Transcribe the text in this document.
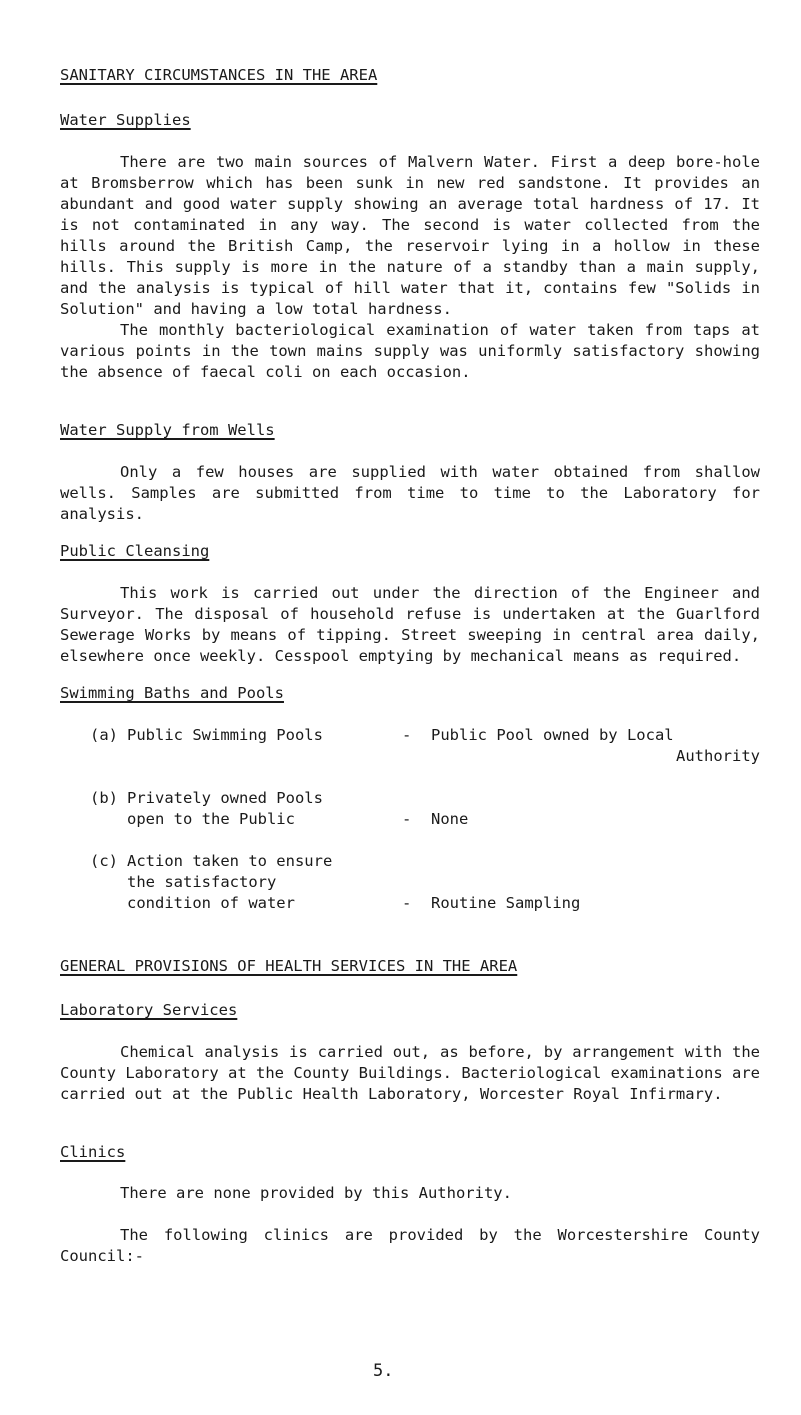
SANITARY CIRCUMSTANCES IN THE AREA
Water Supplies
There are two main sources of Malvern Water. First a deep bore-hole at Bromsberrow which has been sunk in new red sandstone. It provides an abundant and good water supply showing an average total hardness of 17. It is not contaminated in any way. The second is water collected from the hills around the British Camp, the reservoir lying in a hollow in these hills. This supply is more in the nature of a standby than a main supply, and the analysis is typical of hill water that it, contains few "Solids in Solution" and having a low total hardness.
The monthly bacteriological examination of water taken from taps at various points in the town mains supply was uniformly satisfactory showing the absence of faecal coli on each occasion.
Water Supply from Wells
Only a few houses are supplied with water obtained from shallow wells. Samples are submitted from time to time to the Laboratory for analysis.
Public Cleansing
This work is carried out under the direction of the Engineer and Surveyor. The disposal of household refuse is undertaken at the Guarlford Sewerage Works by means of tipping. Street sweeping in central area daily, elsewhere once weekly. Cesspool emptying by mechanical means as required.
Swimming Baths and Pools
(a) Public Swimming Pools	- Public Pool owned by Local
Authority
(b) Privately owned Pools
open to the Public	- None
(c) Action taken to ensure
the satisfactory
condition of water	- Routine Sampling
GENERAL PROVISIONS OF HEALTH SERVICES IN THE AREA
Laboratory Services
Chemical analysis is carried out, as before, by arrangement with the County Laboratory at the County Buildings. Bacteriological examinations are carried out at the Public Health Laboratory, Worcester Royal Infirmary.
Clinics
There are none provided by this Authority.
The following clinics are provided by the Worcestershire County Council:-
5.
